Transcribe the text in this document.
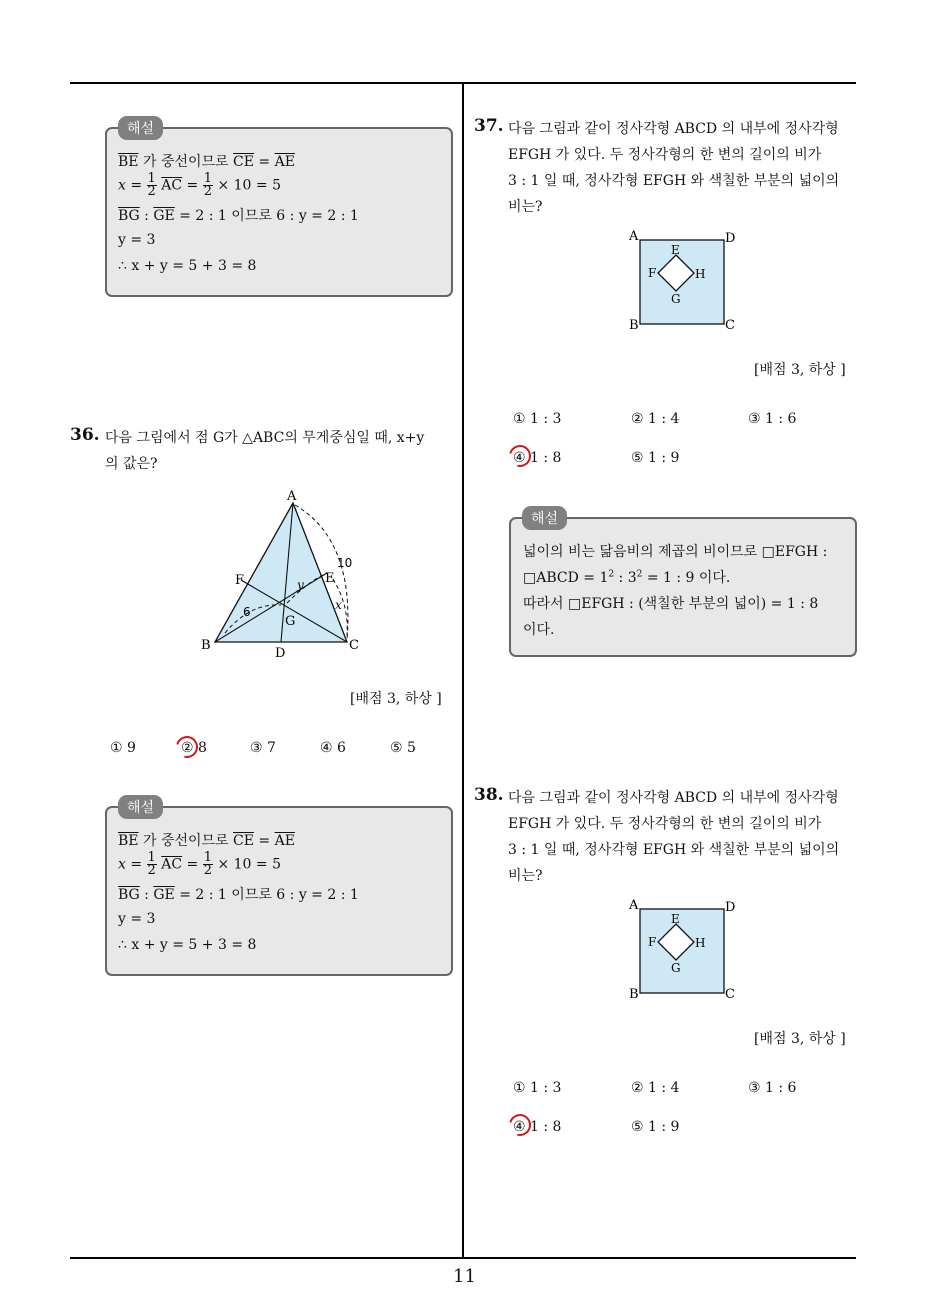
11
$\overline{BE}$ 가 중선이므로 $\overline{CE} = \overline{AE}$
$x = \frac{1}{2} \overline{AC} = \frac{1}{2} \times 10 = 5$
$\overline{BG}$ : $\overline{GE} = 2$ : 1 이므로 6 : y = 2 : 1
y = 3
∴ x + y = 5 + 3 = 8
해설
36. 다음 그림에서 점 G가 △ABC의 무게중심일 때, x+y
의 값은?
A
B	C
D
E
F
G
10
6	x
y
[배점 3, 하상 ]
① 9	② 8	③ 7	④ 6	⑤ 5
$\overline{BE}$ 가 중선이므로 $\overline{CE} = \overline{AE}$
$x = \frac{1}{2} \overline{AC} = \frac{1}{2} \times 10 = 5$
$\overline{BG}$ : $\overline{GE} = 2$ : 1 이므로 6 : y = 2 : 1
y = 3
∴ x + y = 5 + 3 = 8
해설
37. 다음 그림과 같이 정사각형 ABCD 의 내부에 정사각형
EFGH 가 있다. 두 정사각형의 한 변의 길이의 비가
3 : 1 일 때, 정사각형 EFGH 와 색칠한 부분의 넓이의
비는?
A	D
B	C
E
F
G
H
[배점 3, 하상 ]
① 1 : 3	② 1 : 4	③ 1 : 6
④ 1 : 8	⑤ 1 : 9
넓이의 비는 닮음비의 제곱의 비이므로 □EFGH :
□ABCD = $1^2$ : $3^2 = 1$ : 9 이다.
따라서 □EFGH : (색칠한 부분의 넓이) = 1 : 8
이다.
해설
38. 다음 그림과 같이 정사각형 ABCD 의 내부에 정사각형
EFGH 가 있다. 두 정사각형의 한 변의 길이의 비가
3 : 1 일 때, 정사각형 EFGH 와 색칠한 부분의 넓이의
비는?
A	D
B	C
E
F
G
H
[배점 3, 하상 ]
① 1 : 3	② 1 : 4	③ 1 : 6
④ 1 : 8	⑤ 1 : 9
